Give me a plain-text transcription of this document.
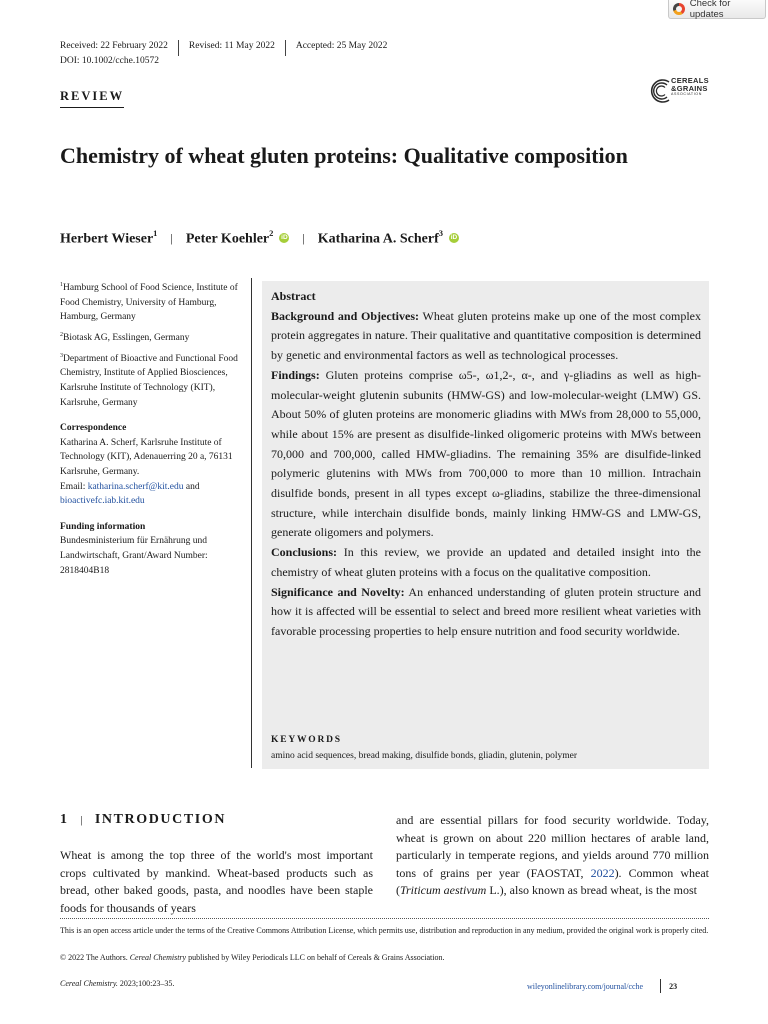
Check for updates
Received: 22 February 2022 Revised: 11 May 2022 Accepted: 25 May 2022
DOI: 10.1002/cche.10572
REVIEW
CEREALS
&GRAINS
ASSOCIATION
Chemistry of wheat gluten proteins: Qualitative composition
Herbert Wieser$^1$ | Peter Koehler$^2$ iD | Katharina A. Scherf$^3$ iD
$^1$Hamburg School of Food Science, Institute of Food Chemistry, University of Hamburg, Hamburg, Germany
$^2$Biotask AG, Esslingen, Germany
$^3$Department of Bioactive and Functional Food Chemistry, Institute of Applied Biosciences, Karlsruhe Institute of Technology (KIT), Karlsruhe, Germany
Correspondence
Katharina A. Scherf, Karlsruhe Institute of Technology (KIT), Adenauerring 20 a, 76131 Karlsruhe, Germany.
Email: katharina.scherf@kit.edu and
bioactivefc.iab.kit.edu
Funding information
Bundesministerium für Ernährung und Landwirtschaft, Grant/Award Number: 2818404B18

Abstract

Background and Objectives: Wheat gluten proteins make up one of the most complex protein aggregates in nature. Their qualitative and quantitative composition is determined by genetic and environmental factors as well as technological processes.

Findings: Gluten proteins comprise ω5-, ω1,2-, α-, and γ-gliadins as well as high-molecular-weight glutenin subunits (HMW-GS) and low-molecular-weight (LMW) GS. About 50% of gluten proteins are monomeric gliadins with MWs from 28,000 to 55,000, while about 15% are present as disulfide-linked oligomeric proteins with MWs between 70,000 and 700,000, called HMW-gliadins. The remaining 35% are disulfide-linked polymeric glutenins with MWs from 700,000 to more than 10 million. Intrachain disulfide bonds, present in all types except ω-gliadins, stabilize the three-dimensional structure, while interchain disulfide bonds, mainly linking HMW-GS and LMW-GS, generate oligomers and polymers.

Conclusions: In this review, we provide an updated and detailed insight into the chemistry of wheat gluten proteins with a focus on the qualitative composition.

Significance and Novelty: An enhanced understanding of gluten protein structure and how it is affected will be essential to select and breed more resilient wheat varieties with favorable processing properties to help ensure nutrition and food security worldwide.

KEYWORDS
amino acid sequences, bread making, disulfide bonds, gliadin, glutenin, polymer
1 | INTRODUCTION
Wheat is among the top three of the world's most important crops cultivated by mankind. Wheat-based products such as bread, other baked goods, pasta, and noodles have been staple foods for thousands of years
and are essential pillars for food security worldwide. Today, wheat is grown on about 220 million hectares of arable land, particularly in temperate regions, and yields around 770 million tons of grains per year (FAOSTAT, 2022). Common wheat (Triticum aestivum L.), also known as bread wheat, is the most
This is an open access article under the terms of the Creative Commons Attribution License, which permits use, distribution and reproduction in any medium, provided the original work is properly cited.
© 2022 The Authors. Cereal Chemistry published by Wiley Periodicals LLC on behalf of Cereals & Grains Association.
Cereal Chemistry. 2023;100:23–35.	wileyonlinelibrary.com/journal/cche	23
